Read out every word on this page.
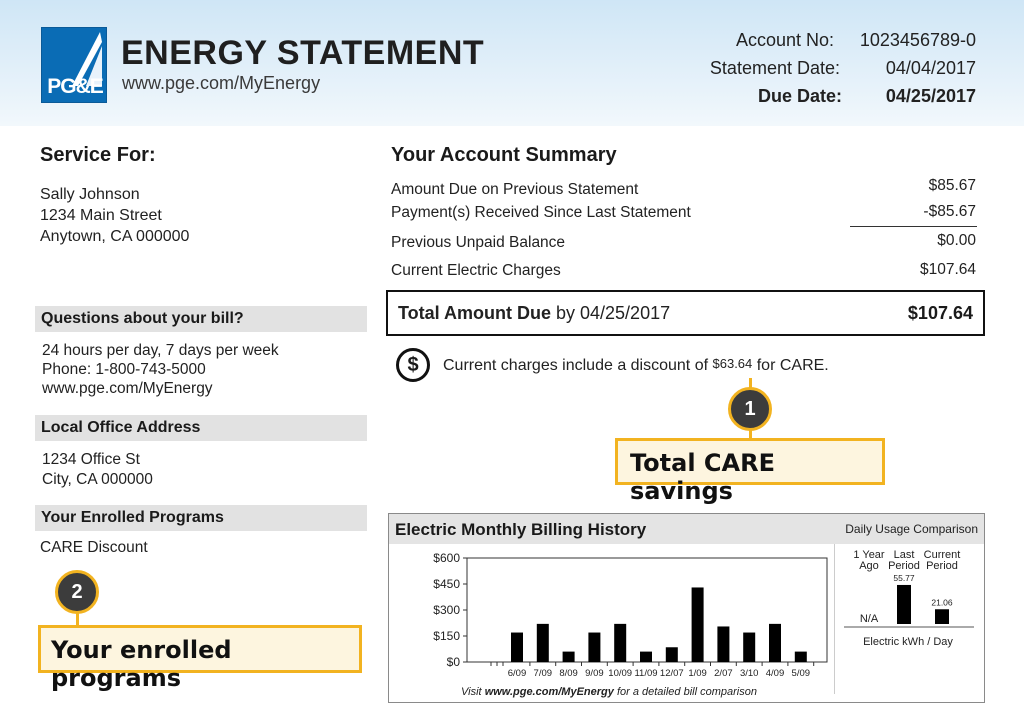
PG&E
ENERGY STATEMENT
www.pge.com/MyEnergy
Account No: 1023456789-0
Statement Date:	04/04/2017
Due Date: 04/25/2017
Service For:
Sally Johnson
1234 Main Street
Anytown, CA 000000
Questions about your bill?
24 hours per day, 7 days per week
Phone: 1-800-743-5000
www.pge.com/MyEnergy
Local Office Address
1234 Office St
City, CA 000000
Your Enrolled Programs
CARE Discount
2
Your enrolled programs
Your Account Summary
Amount Due on Previous Statement	$85.67
Payment(s) Received Since Last Statement	-$85.67
Previous Unpaid Balance	$0.00
Current Electric Charges	$107.64
Total Amount Due by 04/25/2017	$107.64
$	Current charges include a discount of $63.64 for CARE.
1
Total CARE savings
Electric Monthly Billing History	Daily Usage Comparison
$600
$450
$300
$150
$0
6/09 7/09 8/09 9/09 10/09 11/09 12/07 1/09 2/07 3/10 4/09 5/09
1 Year
Ago
N/A
Last
Period
55.77
Current
Period
21.06
Electric kWh / Day
Visit www.pge.com/MyEnergy for a detailed bill comparison
